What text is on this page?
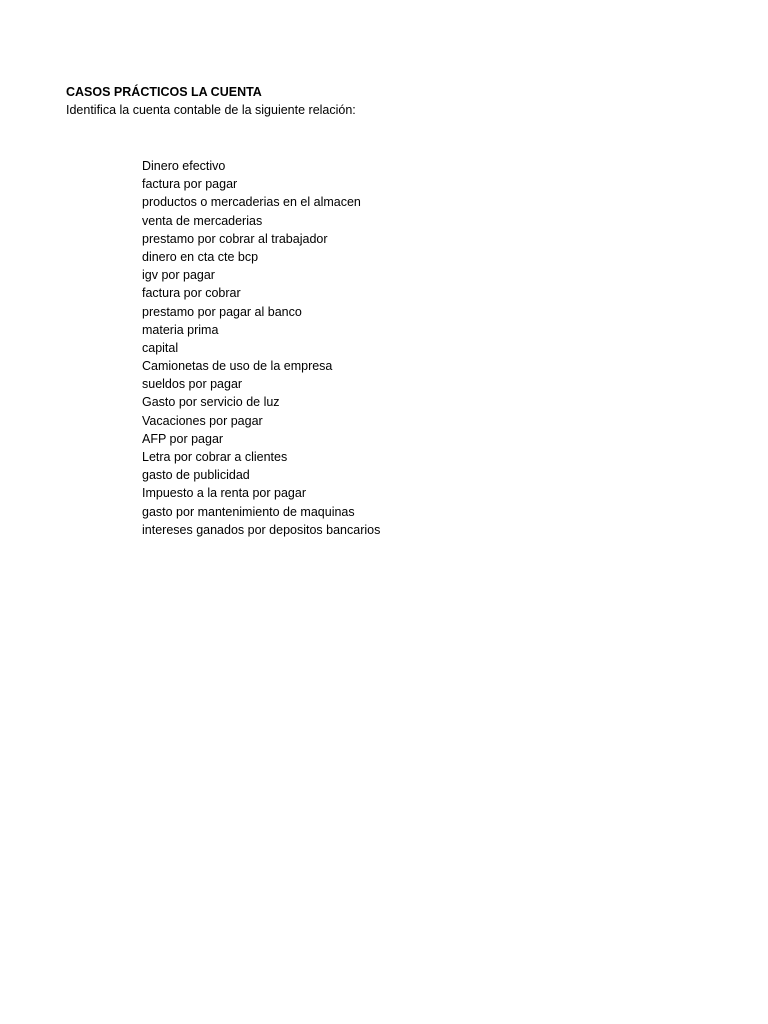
CASOS PRÁCTICOS LA CUENTA
Identifica la cuenta contable de la siguiente relación:
Dinero efectivo
factura por pagar
productos o mercaderias en el almacen
venta de mercaderias
prestamo por cobrar al trabajador
dinero en cta cte bcp
igv por pagar
factura por cobrar
prestamo por pagar al banco
materia prima
capital
Camionetas de uso de la empresa
sueldos por pagar
Gasto por servicio de luz
Vacaciones por pagar
AFP por pagar
Letra por cobrar a clientes
gasto de publicidad
Impuesto a la renta por pagar
gasto por mantenimiento de maquinas
intereses ganados por depositos bancarios
